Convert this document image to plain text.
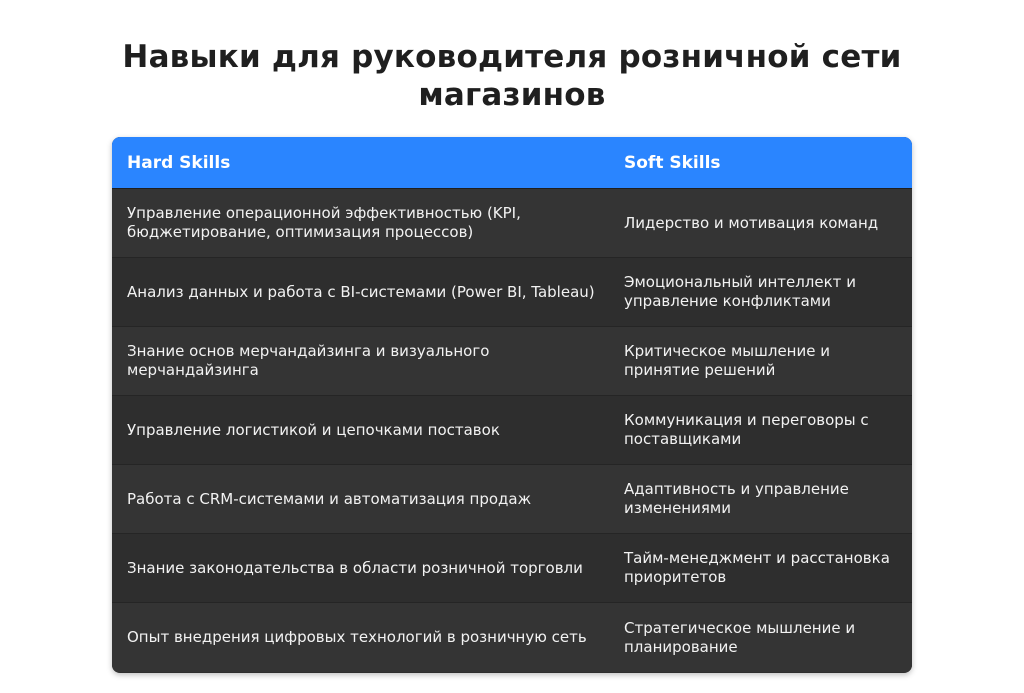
Навыки для руководителя розничной сети
магазинов
Hard Skills	Soft Skills
Управление операционной эффективностью (KPI, бюджетирование, оптимизация процессов)
Лидерство и мотивация команд
Анализ данных и работа с BI-системами (Power BI, Tableau)
Эмоциональный интеллект и управление конфликтами
Знание основ мерчандайзинга и визуального мерчандайзинга
Критическое мышление и принятие решений
Управление логистикой и цепочками поставок
Коммуникация и переговоры с поставщиками
Работа с CRM-системами и автоматизация продаж
Адаптивность и управление изменениями
Знание законодательства в области розничной торговли
Тайм-менеджмент и расстановка приоритетов
Опыт внедрения цифровых технологий в розничную сеть
Стратегическое мышление и планирование
